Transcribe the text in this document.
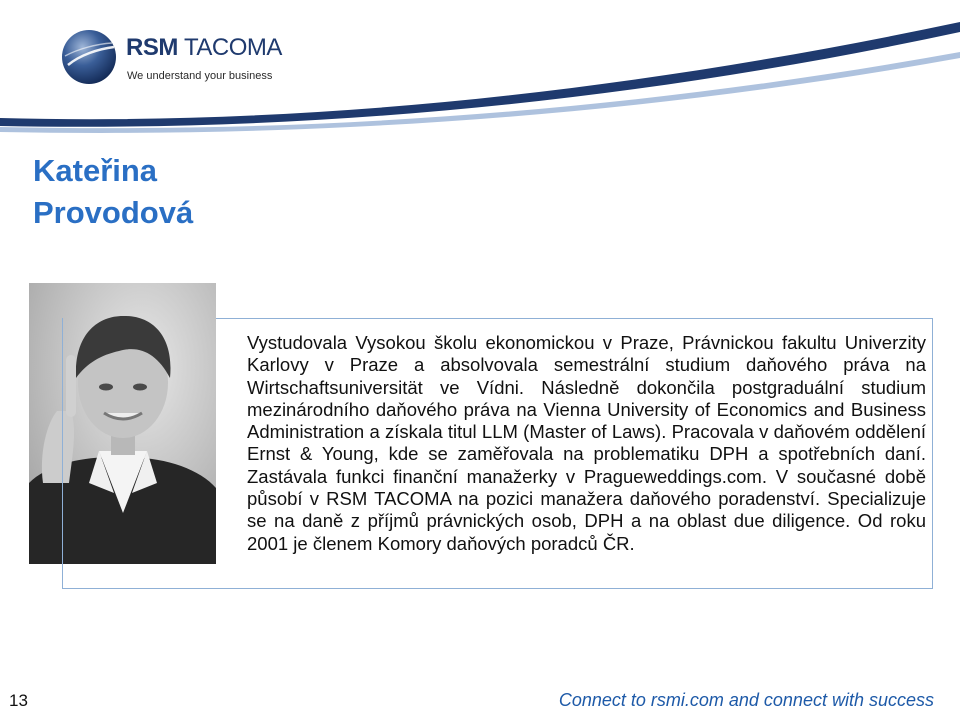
RSM TACOMA
We understand your business
Kateřina
Provodová

Vystudovala Vysokou školu ekonomickou v Praze, Právnickou fakultu Univerzity Karlovy v Praze a absolvovala semestrální studium daňového práva na Wirtschaftsuniversität ve Vídni. Následně dokončila postgraduální studium mezinárodního daňového práva na Vienna University of Economics and Business Administration a získala titul LLM (Master of Laws). Pracovala v daňovém oddělení Ernst & Young, kde se zaměřovala na problematiku DPH a spotřebních daní. Zastávala funkci finanční manažerky v Pragueweddings.com. V současné době působí v RSM TACOMA na pozici manažera daňového poradenství. Specializuje se na daně z příjmů právnických osob, DPH a na oblast due diligence. Od roku 2001 je členem Komory daňových poradců ČR.

13	Connect to rsmi.com and connect with success
